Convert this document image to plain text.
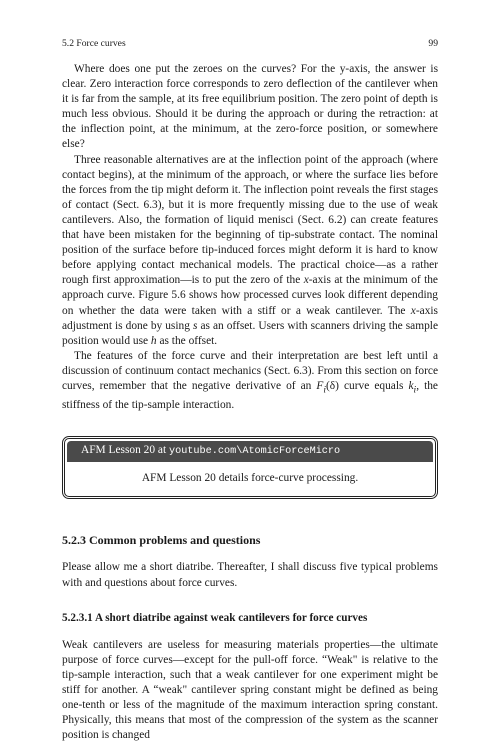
5.2 Force curves	99

Where does one put the zeroes on the curves? For the y-axis, the answer is clear. Zero interaction force corresponds to zero deflection of the cantilever when it is far from the sample, at its free equilibrium position. The zero point of depth is much less obvious. Should it be during the approach or during the retraction: at the inflection point, at the minimum, at the zero-force position, or somewhere else?

Three reasonable alternatives are at the inflection point of the approach (where contact begins), at the minimum of the approach, or where the surface lies before the forces from the tip might deform it. The inflection point reveals the first stages of contact (Sect. 6.3), but it is more frequently missing due to the use of weak cantilevers. Also, the formation of liquid menisci (Sect. 6.2) can create features that have been mistaken for the beginning of tip-substrate contact. The nominal position of the surface before tip-induced forces might deform it is hard to know before applying contact mechanical models. The practical choice—as a rather rough first approximation—is to put the zero of the x-axis at the minimum of the approach curve. Figure 5.6 shows how processed curves look different depending on whether the data were taken with a stiff or a weak cantilever. The x-axis adjustment is done by using s as an offset. Users with scanners driving the sample position would use h as the offset.

The features of the force curve and their interpretation are best left until a discussion of continuum contact mechanics (Sect. 6.3). From this section on force curves, remember that the negative derivative of an $F_i(\delta)$ curve equals $k_i$, the stiffness of the tip-sample interaction.

AFM Lesson 20 at youtube.com\AtomicForceMicro
AFM Lesson 20 details force-curve processing.
5.2.3 Common problems and questions

Please allow me a short diatribe. Thereafter, I shall discuss five typical problems with and questions about force curves.

5.2.3.1 A short diatribe against weak cantilevers for force curves

Weak cantilevers are useless for measuring materials properties—the ultimate purpose of force curves—except for the pull-off force. “Weak" is relative to the tip-sample interaction, such that a weak cantilever for one experiment might be stiff for another. A “weak" cantilever spring constant might be defined as being one-tenth or less of the magnitude of the maximum interaction spring constant. Physically, this means that most of the compression of the system as the scanner position is changed
